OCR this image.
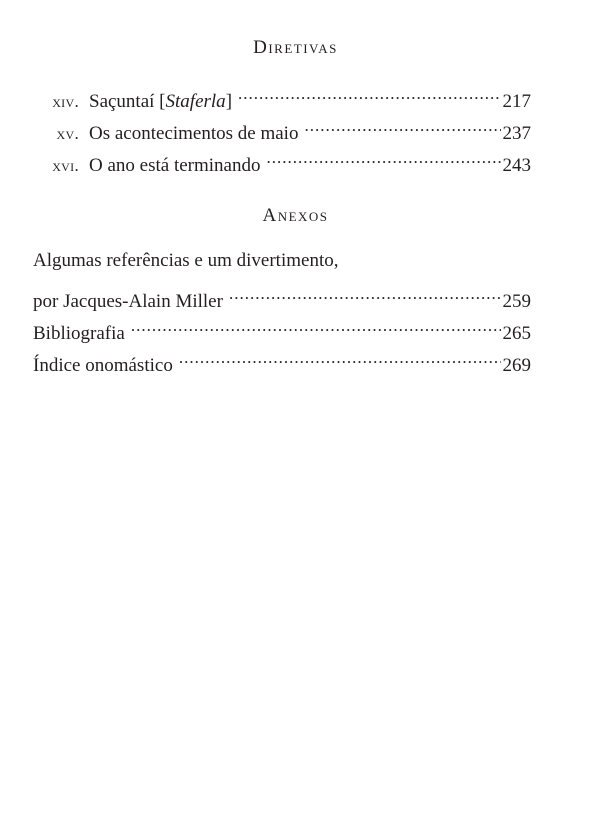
Diretivas
xiv. Saçuntaí [Staferla] .....	217
xv. Os acontecimentos de maio .....	237
xvi. O ano está terminando .....	243
Anexos
Algumas referências e um divertimento,
por Jacques-Alain Miller .....	259
Bibliografia .....	265
Índice onomástico .....	269
